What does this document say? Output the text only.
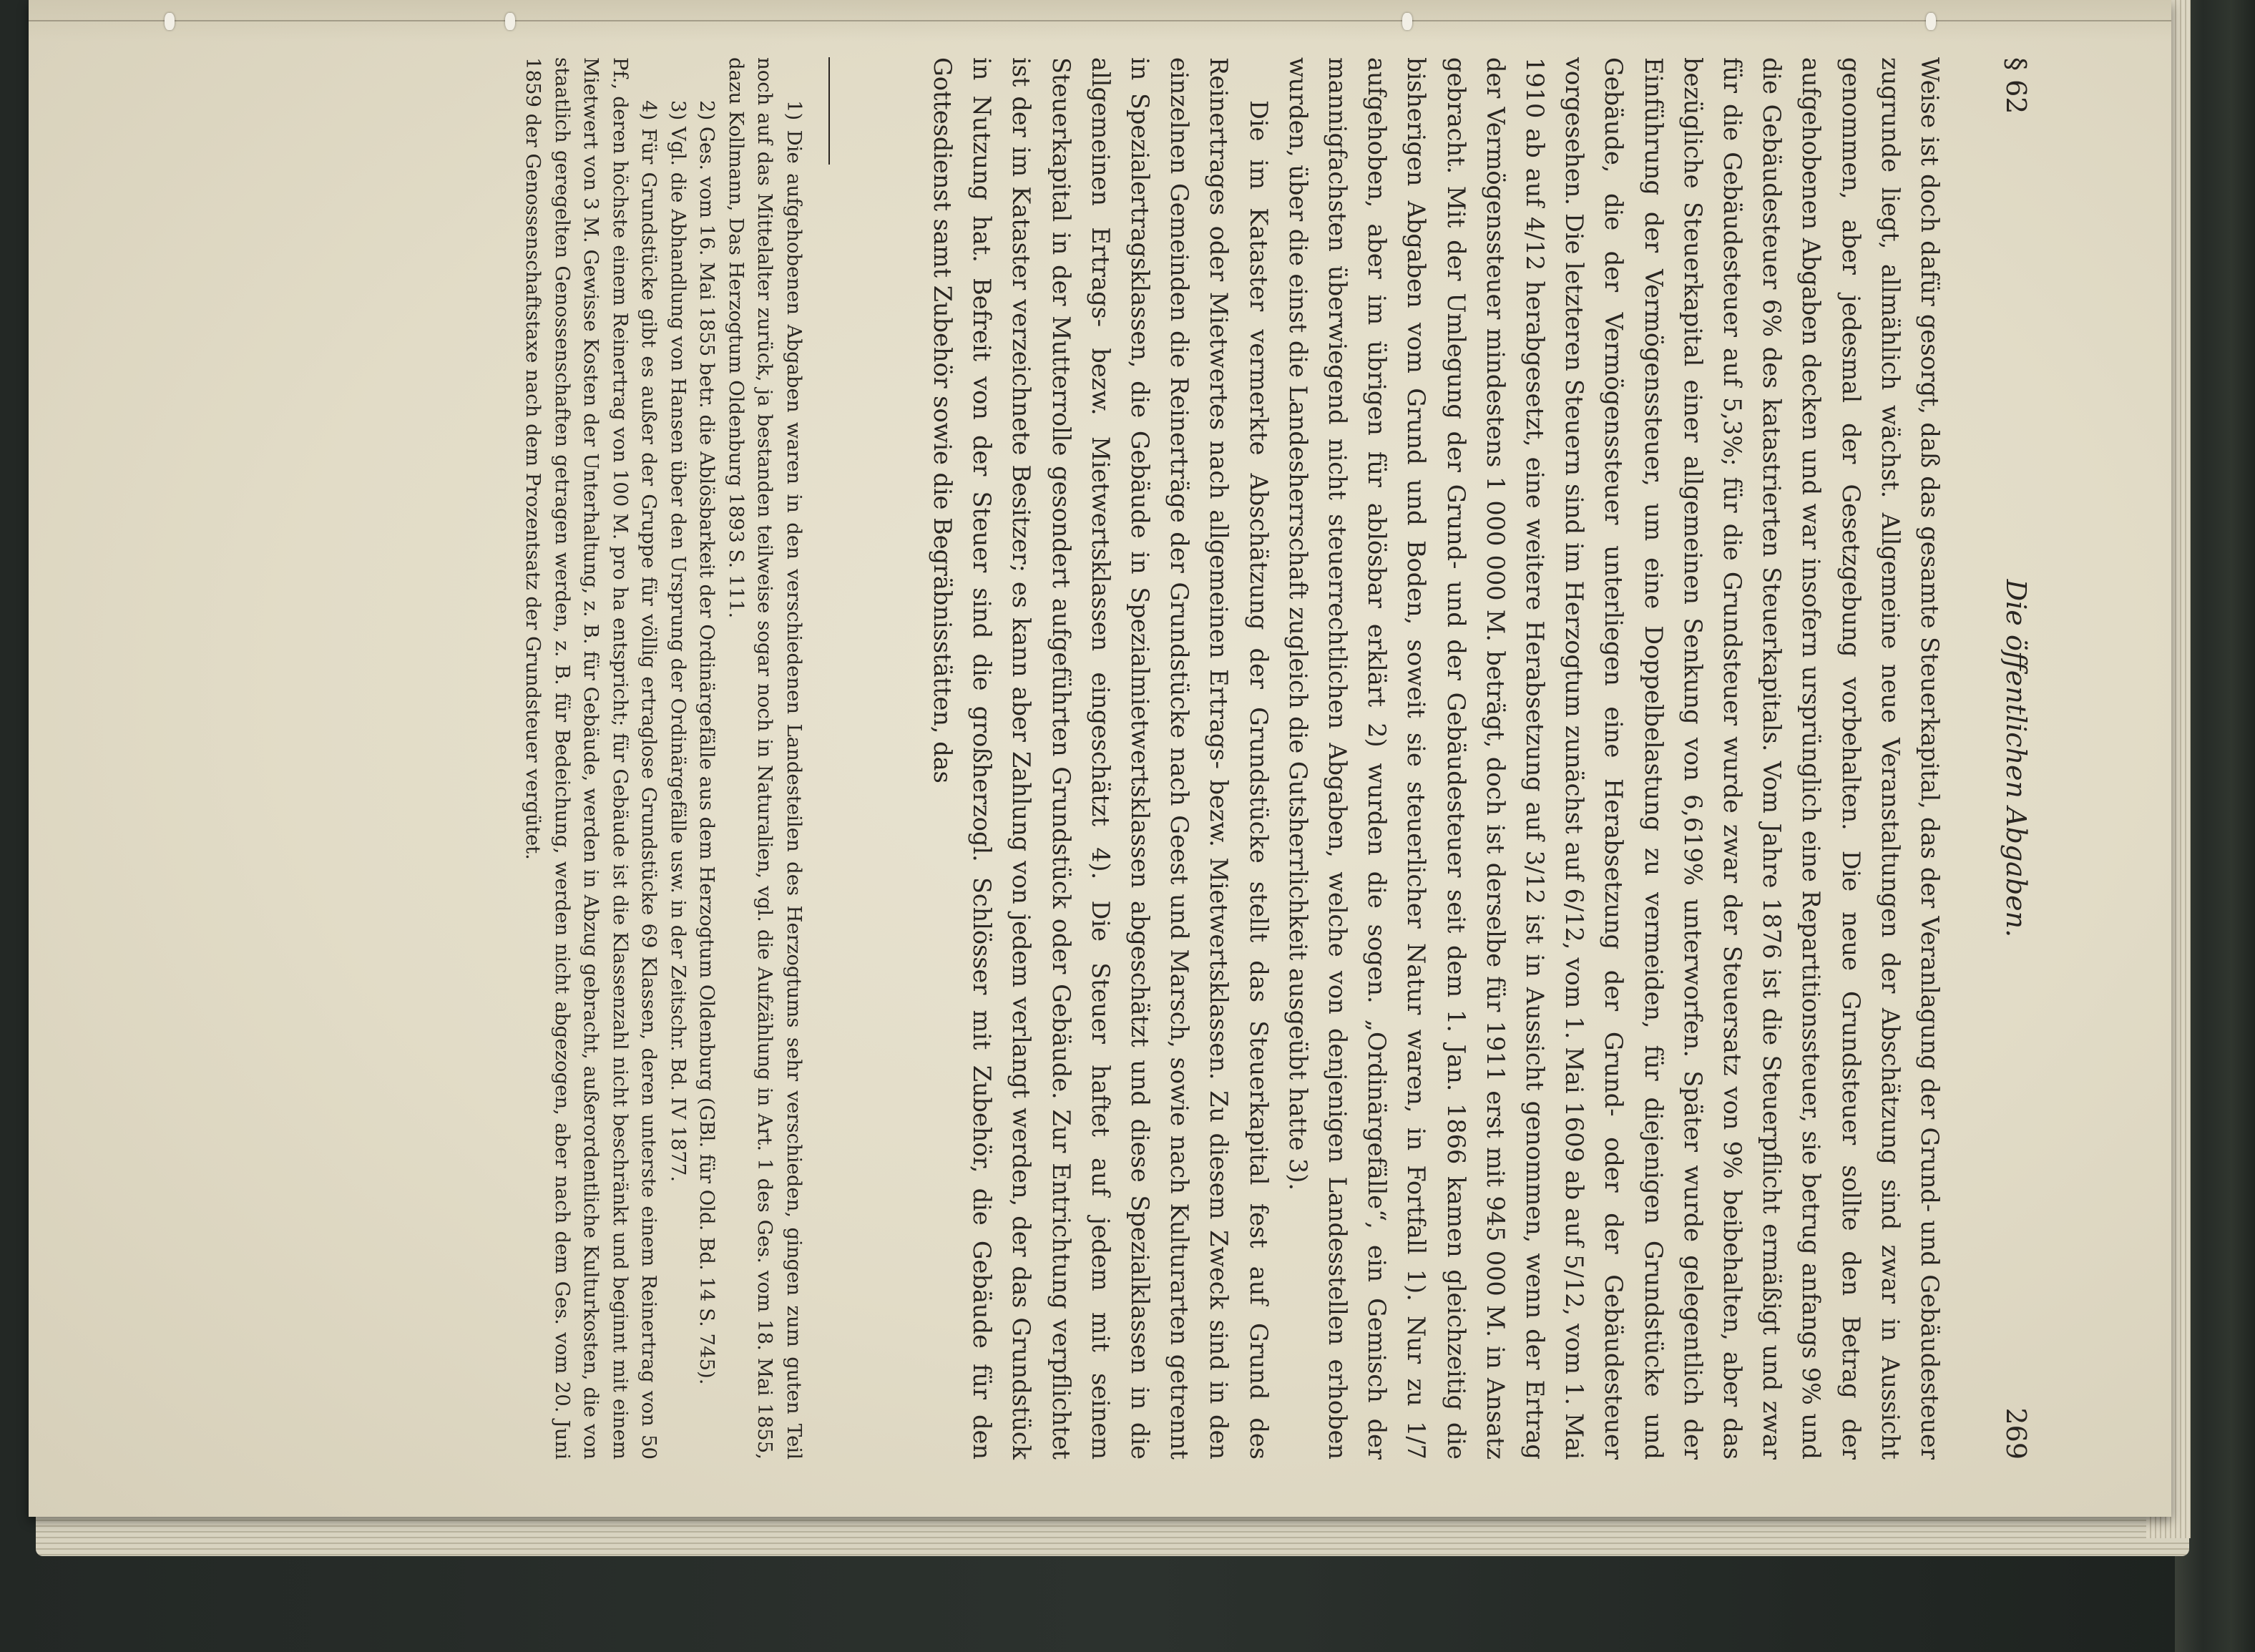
§ 62
Die öffentlichen Abgaben.
269

Weise ist doch dafür gesorgt, daß das gesamte Steuerkapital, das der Veranlagung der Grund- und Gebäudesteuer zugrunde liegt, allmählich wächst. Allgemeine neue Veranstaltungen der Abschätzung sind zwar in Aussicht genommen, aber jedesmal der Gesetzgebung vorbehalten. Die neue Grundsteuer sollte den Betrag der aufgehobenen Abgaben decken und war insofern ursprünglich eine Repartitionssteuer, sie betrug anfangs 9% und die Gebäudesteuer 6% des katastrierten Steuerkapitals. Vom Jahre 1876 ist die Steuerpflicht ermäßigt und zwar für die Gebäudesteuer auf 5,3%; für die Grundsteuer wurde zwar der Steuersatz von 9% beibehalten, aber das bezügliche Steuerkapital einer allgemeinen Senkung von 6,619% unterworfen. Später wurde gelegentlich der Einführung der Vermögenssteuer, um eine Doppelbelastung zu vermeiden, für diejenigen Grundstücke und Gebäude, die der Vermögenssteuer unterliegen eine Herabsetzung der Grund- oder der Gebäudesteuer vorgesehen. Die letzteren Steuern sind im Herzogtum zunächst auf 6/12, vom 1. Mai 1609 ab auf 5/12, vom 1. Mai 1910 ab auf 4/12 herabgesetzt, eine weitere Herabsetzung auf 3/12 ist in Aussicht genommen, wenn der Ertrag der Vermögenssteuer mindestens 1 000 000 M. beträgt, doch ist derselbe für 1911 erst mit 945 000 M. in Ansatz gebracht. Mit der Umlegung der Grund- und der Gebäudesteuer seit dem 1. Jan. 1866 kamen gleichzeitig die bisherigen Abgaben vom Grund und Boden, soweit sie steuerlicher Natur waren, in Fortfall 1). Nur zu 1/7 aufgehoben, aber im übrigen für ablösbar erklärt 2) wurden die sogen. „Ordinärgefälle“, ein Gemisch der mannigfachsten überwiegend nicht steuerrechtlichen Abgaben, welche von denjenigen Landesstellen erhoben wurden, über die einst die Landesherrschaft zugleich die Gutsherrlichkeit ausgeübt hatte 3).

Die im Kataster vermerkte Abschätzung der Grundstücke stellt das Steuerkapital fest auf Grund des Reinertrages oder Mietwertes nach allgemeinen Ertrags- bezw. Mietwertsklassen. Zu diesem Zweck sind in den einzelnen Gemeinden die Reinerträge der Grundstücke nach Geest und Marsch, sowie nach Kulturarten getrennt in Spezialertragsklassen, die Gebäude in Spezialmietwertsklassen abgeschätzt und diese Spezialklassen in die allgemeinen Ertrags- bezw. Mietwertsklassen eingeschätzt 4). Die Steuer haftet auf jedem mit seinem Steuerkapital in der Mutterrolle gesondert aufgeführten Grundstück oder Gebäude. Zur Entrichtung verpflichtet ist der im Kataster verzeichnete Besitzer; es kann aber Zahlung von jedem verlangt werden, der das Grundstück in Nutzung hat. Befreit von der Steuer sind die großherzogl. Schlösser mit Zubehör, die Gebäude für den Gottesdienst samt Zubehör sowie die Begräbnisstätten, das

1) Die aufgehobenen Abgaben waren in den verschiedenen Landesteilen des Herzogtums sehr verschieden, gingen zum guten Teil noch auf das Mittelalter zurück, ja bestanden teilweise sogar noch in Naturalien, vgl. die Aufzählung in Art. 1 des Ges. vom 18. Mai 1855, dazu Kollmann, Das Herzogtum Oldenburg 1893 S. 111.

2) Ges. vom 16. Mai 1855 betr. die Ablösbarkeit der Ordinärgefälle aus dem Herzogtum Oldenburg (GBl. für Old. Bd. 14 S. 745).

3) Vgl. die Abhandlung von Hansen über den Ursprung der Ordinärgefälle usw. in der Zeitschr. Bd. IV 1877.

4) Für Grundstücke gibt es außer der Gruppe für völlig ertraglose Grundstücke 69 Klassen, deren unterste einem Reinertrag von 50 Pf., deren höchste einem Reinertrag von 100 M. pro ha entspricht; für Gebäude ist die Klassenzahl nicht beschränkt und beginnt mit einem Mietwert von 3 M. Gewisse Kosten der Unterhaltung, z. B. für Gebäude, werden in Abzug gebracht, außerordentliche Kulturkosten, die von staatlich geregelten Genossenschaften getragen werden, z. B. für Bedeichung, werden nicht abgezogen, aber nach dem Ges. vom 20. Juni 1859 der Genossenschaftstaxe nach dem Prozentsatz der Grundsteuer vergütet.
